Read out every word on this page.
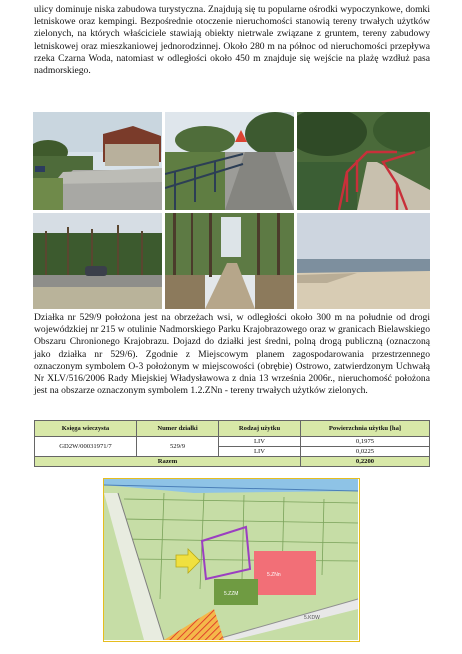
ulicy dominuje niska zabudowa turystyczna. Znajdują się tu popularne ośrodki wypoczynkowe, domki letniskowe oraz kempingi. Bezpośrednie otoczenie nieruchomości stanowią tereny trwałych użytków zielonych, na których właściciele stawiają obiekty nietrwale związane z gruntem, tereny zabudowy letniskowej oraz mieszkaniowej jednorodzinnej. Około 280 m na północ od nieruchomości przepływa rzeka Czarna Woda, natomiast w odległości około 450 m znajduje się wejście na plażę wzdłuż pasa nadmorskiego.

Działka nr 529/9 położona jest na obrzeżach wsi, w odległości około 300 m na południe od drogi wojewódzkiej nr 215 w otulinie Nadmorskiego Parku Krajobrazowego oraz w granicach Bielawskiego Obszaru Chronionego Krajobrazu. Dojazd do działki jest średni, polną drogą publiczną (oznaczoną jako działka nr 529/6). Zgodnie z Miejscowym planem zagospodarowania przestrzennego oznaczonym symbolem O-3 położonym w miejscowości (obrębie) Ostrowo, zatwierdzonym Uchwałą Nr XLV/516/2006 Rady Miejskiej Władysławowa z dnia 13 września 2006r., nieruchomość położona jest na obszarze oznaczonym symbolem 1.2.ZNn - tereny trwałych użytków zielonych.

Księga wieczysta	Numer działki	Rodzaj użytku	Powierzchnia użytku [ha]
GD2W/00031971/7	529/9	LIV	0,1975
		LIV	0,0225
Razem			0,2200
5.ZNn
5.ZZM
5.KDW
